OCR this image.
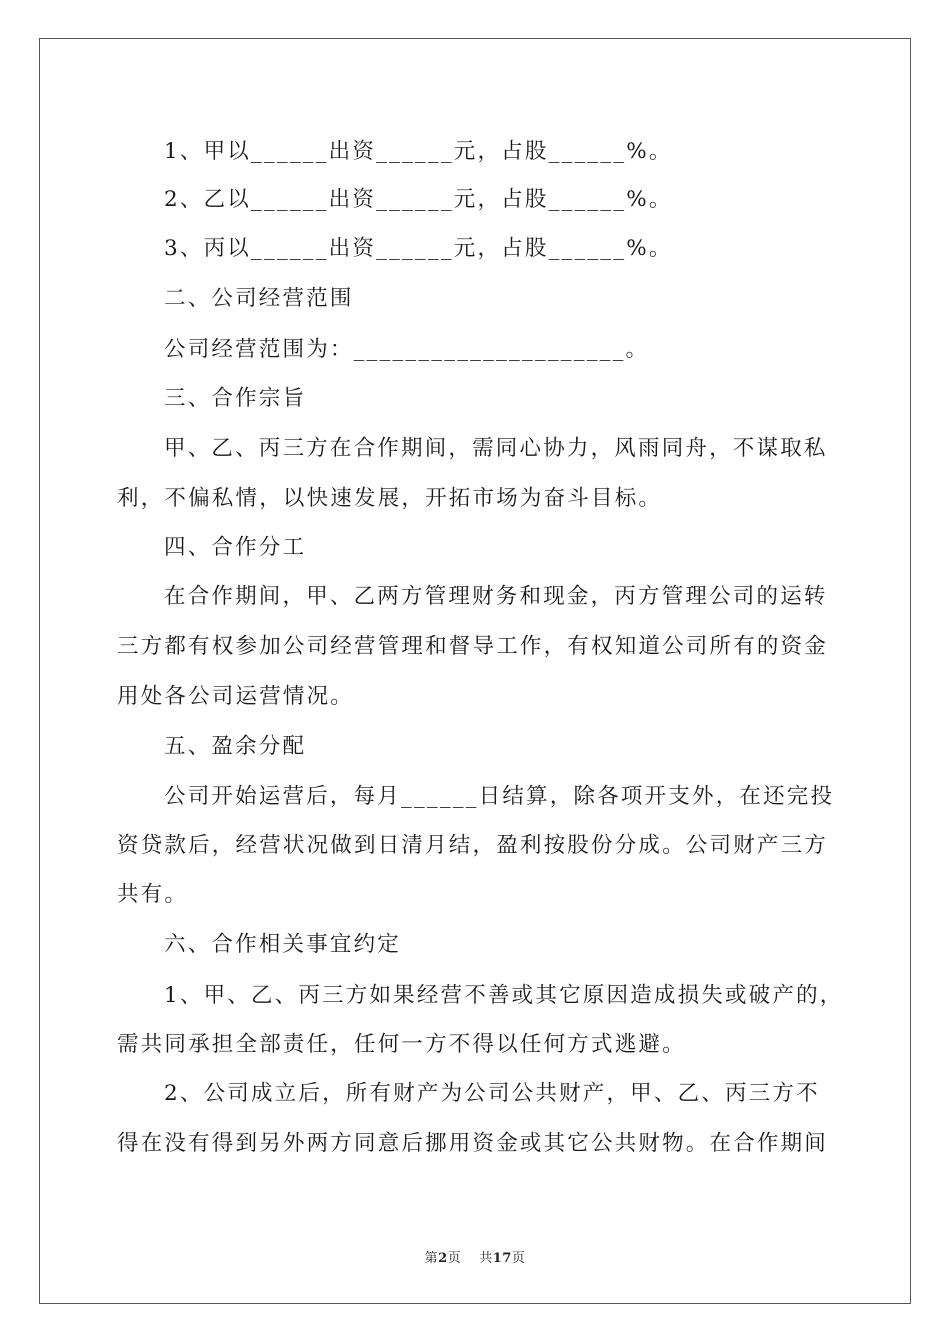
1、甲以______出资______元，占股______%。
2、乙以______出资______元，占股______%。
3、丙以______出资______元，占股______%。
二、公司经营范围
公司经营范围为：_____________________。
三、合作宗旨
甲、乙、丙三方在合作期间，需同心协力，风雨同舟，不谋取私
利，不偏私情，以快速发展，开拓市场为奋斗目标。
四、合作分工
在合作期间，甲、乙两方管理财务和现金，丙方管理公司的运转
三方都有权参加公司经营管理和督导工作，有权知道公司所有的资金
用处各公司运营情况。
五、盈余分配
公司开始运营后，每月______日结算，除各项开支外，在还完投
资贷款后，经营状况做到日清月结，盈利按股份分成。公司财产三方
共有。
六、合作相关事宜约定
1、甲、乙、丙三方如果经营不善或其它原因造成损失或破产的，
需共同承担全部责任，任何一方不得以任何方式逃避。
2、公司成立后，所有财产为公司公共财产，甲、乙、丙三方不
得在没有得到另外两方同意后挪用资金或其它公共财物。在合作期间
第2页 共17页
